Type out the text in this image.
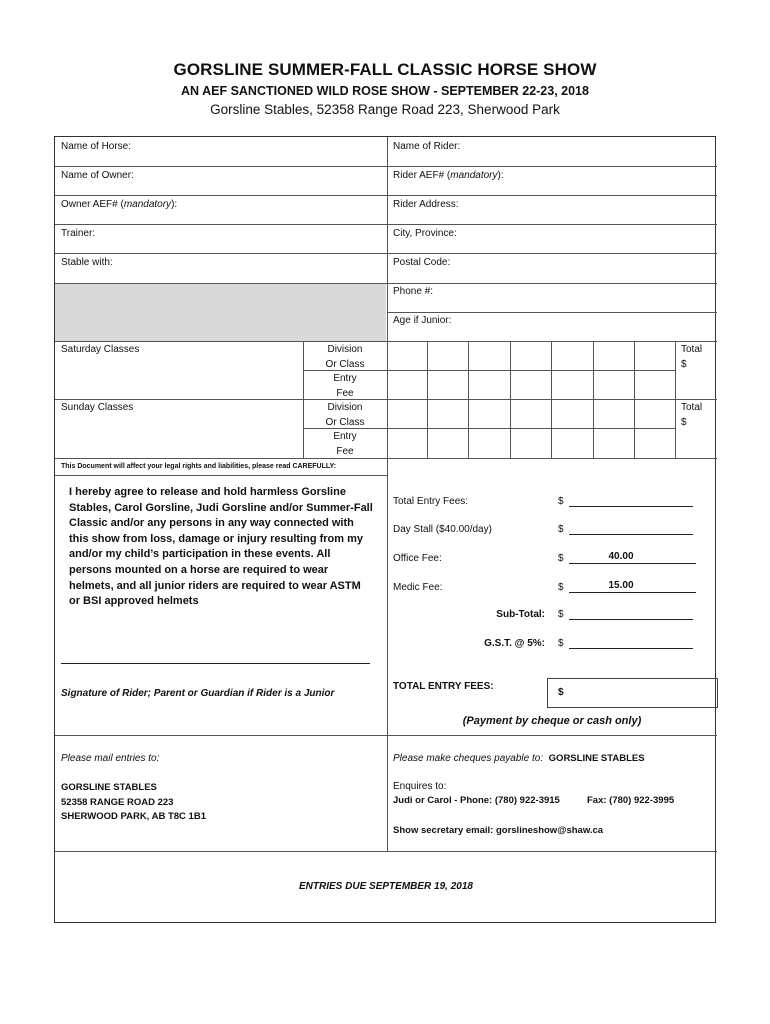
GORSLINE SUMMER-FALL CLASSIC HORSE SHOW
AN AEF SANCTIONED WILD ROSE SHOW - SEPTEMBER 22-23, 2018
Gorsline Stables, 52358 Range Road 223, Sherwood Park
Name of Horse:
Name of Owner:
Owner AEF# (mandatory):
Trainer:
Stable with:
Name of Rider:
Rider AEF# (mandatory):
Rider Address:
City, Province:
Postal Code:
Phone #:
Age if Junior:
Saturday Classes
Sunday Classes
Division
Or Class
Entry
Fee
Division
Or Class
Entry
Fee
Total
$
Total
$
This Document will affect your legal rights and liabilities, please read CAREFULLY:
I hereby agree to release and hold harmless Gorsline
Stables, Carol Gorsline, Judi Gorsline and/or Summer-Fall
Classic and/or any persons in any way connected with
this show from loss, damage or injury resulting from my
and/or my child’s participation in these events. All
persons mounted on a horse are required to wear
helmets, and all junior riders are required to wear ASTM
or BSI approved helmets
Signature of Rider; Parent or Guardian if Rider is a Junior
Total Entry Fees:
Day Stall ($40.00/day)
Office Fee:
Medic Fee:
Sub-Total:
G.S.T. @ 5%:
$
$
$
$
$
$
40.00
15.00
TOTAL ENTRY FEES:
$
(Payment by cheque or cash only)
Please mail entries to:
GORSLINE STABLES
52358 RANGE ROAD 223
SHERWOOD PARK, AB T8C 1B1
Please make cheques payable to: GORSLINE STABLES
Enquires to:
Judi or Carol - Phone: (780) 922-3915	Fax: (780) 922-3995
Show secretary email: gorslineshow@shaw.ca
ENTRIES DUE SEPTEMBER 19, 2018
